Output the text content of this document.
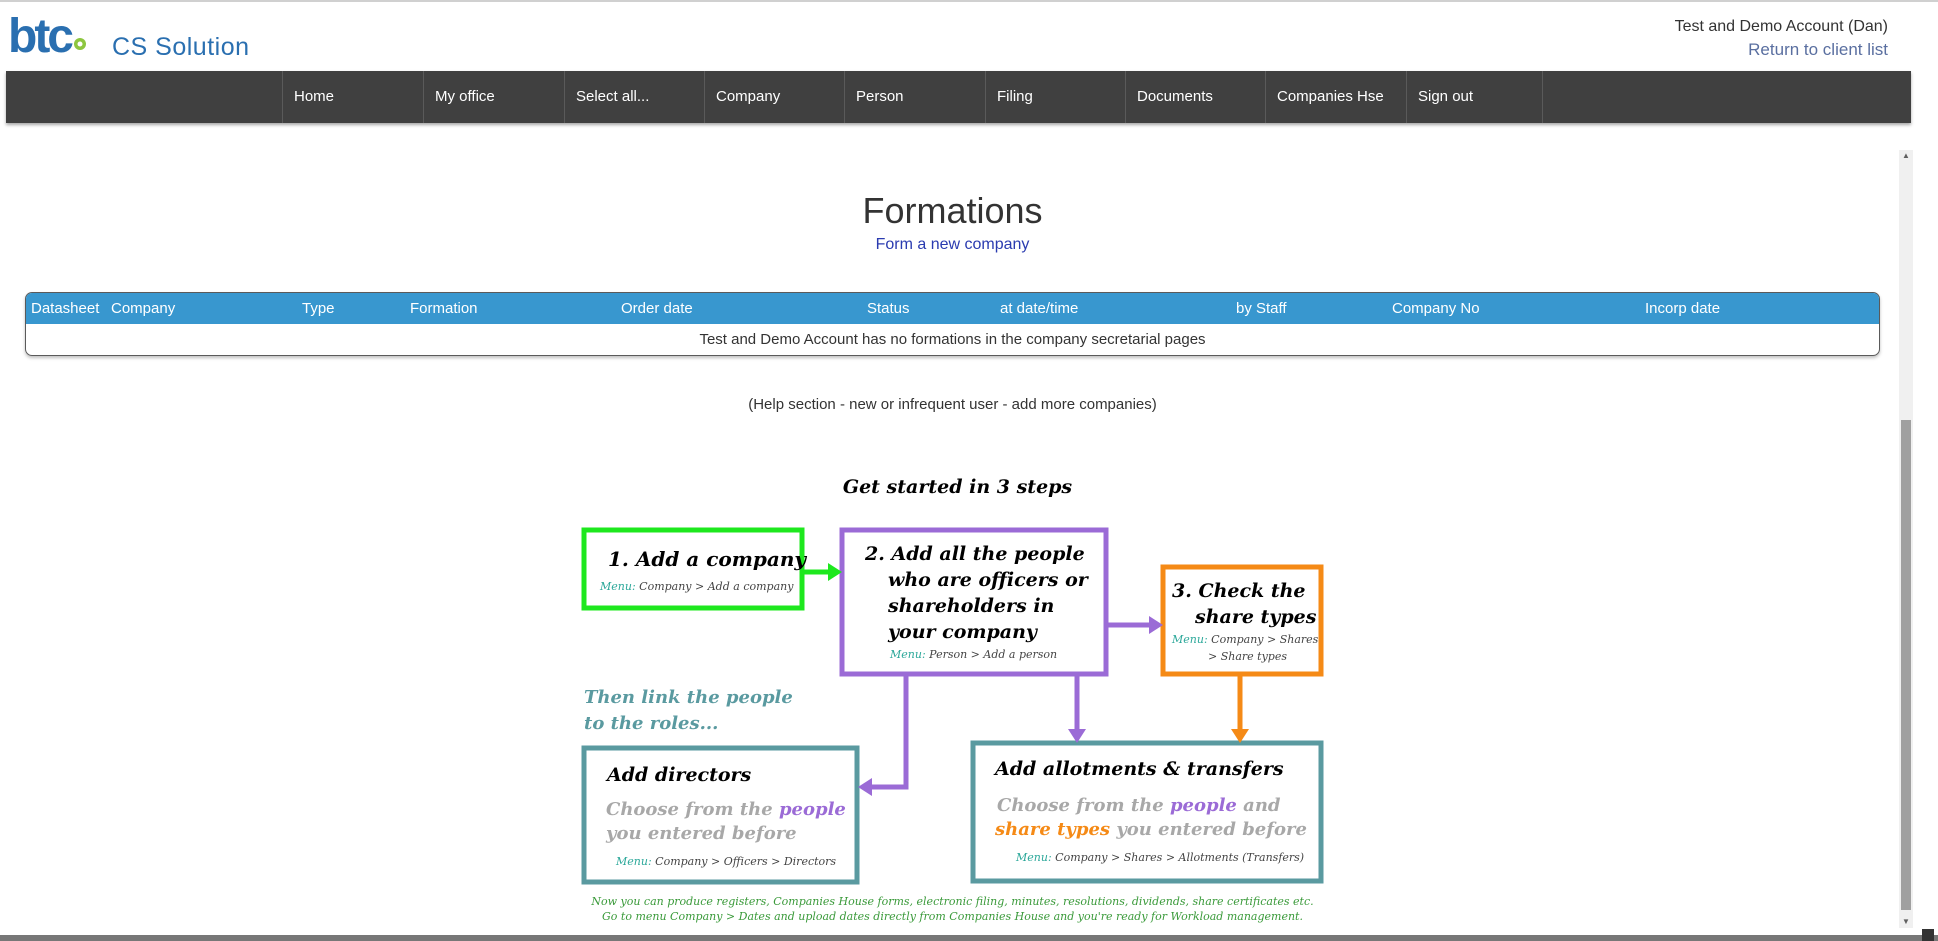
btc CS Solution
Test and Demo Account (Dan)
Return to client list
Home	My office	Select all...	Company	Person	Filing	Documents	Companies Hse	Sign out
▲
▼
Formations
Form a new company
Datasheet Company	Type	Formation	Order date	Status	at date/time	by Staff	Company No	Incorp date
Test and Demo Account has no formations in the company secretarial pages
(Help section - new or infrequent user - add more companies)
Get started in 3 steps
1. Add a company
Menu: Company > Add a company
2. Add all the people
who are officers or
shareholders in
your company
Menu: Person > Add a person
3. Check the
share types
Menu: Company > Shares
> Share types
Then link the people
to the roles...
Add directors
Choose from the people
you entered before
Menu: Company > Officers > Directors
Add allotments & transfers
Choose from the people and
share types you entered before
Menu: Company > Shares > Allotments (Transfers)
Now you can produce registers, Companies House forms, electronic filing, minutes, resolutions, dividends, share certificates etc.
Go to menu Company > Dates and upload dates directly from Companies House and you're ready for Workload management.
